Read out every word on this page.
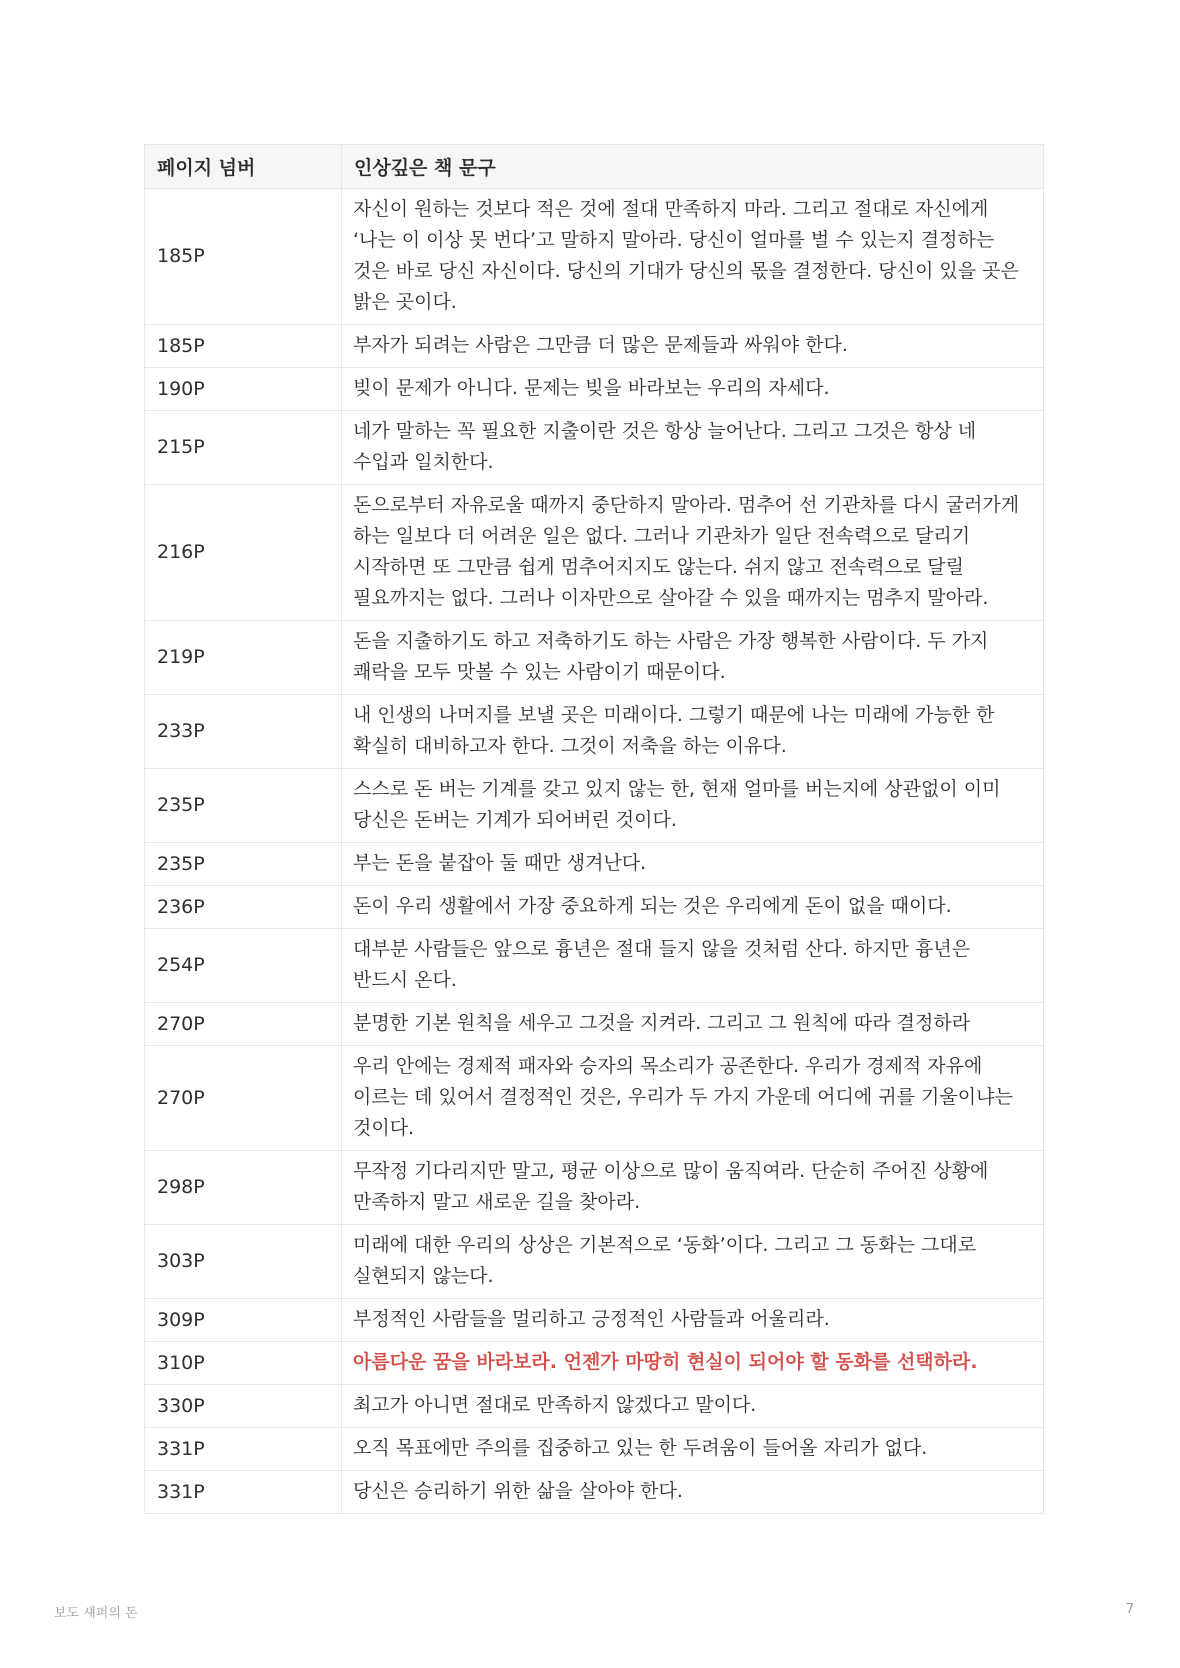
페이지 넘버	인상깊은 책 문구
185P	자신이 원하는 것보다 적은 것에 절대 만족하지 마라. 그리고 절대로 자신에게 ‘나는 이 이상 못 번다’고 말하지 말아라. 당신이 얼마를 벌 수 있는지 결정하는 것은 바로 당신 자신이다. 당신의 기대가 당신의 몫을 결정한다. 당신이 있을 곳은 밝은 곳이다.
185P	부자가 되려는 사람은 그만큼 더 많은 문제들과 싸워야 한다.
190P	빚이 문제가 아니다. 문제는 빚을 바라보는 우리의 자세다.
215P	네가 말하는 꼭 필요한 지출이란 것은 항상 늘어난다. 그리고 그것은 항상 네 수입과 일치한다.
216P	돈으로부터 자유로울 때까지 중단하지 말아라. 멈추어 선 기관차를 다시 굴러가게 하는 일보다 더 어려운 일은 없다. 그러나 기관차가 일단 전속력으로 달리기 시작하면 또 그만큼 쉽게 멈추어지지도 않는다. 쉬지 않고 전속력으로 달릴 필요까지는 없다. 그러나 이자만으로 살아갈 수 있을 때까지는 멈추지 말아라.
219P	돈을 지출하기도 하고 저축하기도 하는 사람은 가장 행복한 사람이다. 두 가지 쾌락을 모두 맛볼 수 있는 사람이기 때문이다.
233P	내 인생의 나머지를 보낼 곳은 미래이다. 그렇기 때문에 나는 미래에 가능한 한 확실히 대비하고자 한다. 그것이 저축을 하는 이유다.
235P	스스로 돈 버는 기계를 갖고 있지 않는 한, 현재 얼마를 버는지에 상관없이 이미 당신은 돈버는 기계가 되어버린 것이다.
235P	부는 돈을 붙잡아 둘 때만 생겨난다.
236P	돈이 우리 생활에서 가장 중요하게 되는 것은 우리에게 돈이 없을 때이다.
254P	대부분 사람들은 앞으로 흉년은 절대 들지 않을 것처럼 산다. 하지만 흉년은 반드시 온다.
270P	분명한 기본 원칙을 세우고 그것을 지켜라. 그리고 그 원칙에 따라 결정하라
270P	우리 안에는 경제적 패자와 승자의 목소리가 공존한다. 우리가 경제적 자유에 이르는 데 있어서 결정적인 것은, 우리가 두 가지 가운데 어디에 귀를 기울이냐는 것이다.
298P	무작정 기다리지만 말고, 평균 이상으로 많이 움직여라. 단순히 주어진 상황에 만족하지 말고 새로운 길을 찾아라.
303P	미래에 대한 우리의 상상은 기본적으로 ‘동화’이다. 그리고 그 동화는 그대로 실현되지 않는다.
309P	부정적인 사람들을 멀리하고 긍정적인 사람들과 어울리라.
310P	아름다운 꿈을 바라보라. 언젠가 마땅히 현실이 되어야 할 동화를 선택하라.
330P	최고가 아니면 절대로 만족하지 않겠다고 말이다.
331P	오직 목표에만 주의를 집중하고 있는 한 두려움이 들어올 자리가 없다.
331P	당신은 승리하기 위한 삶을 살아야 한다.
보도 섀퍼의 돈	7
